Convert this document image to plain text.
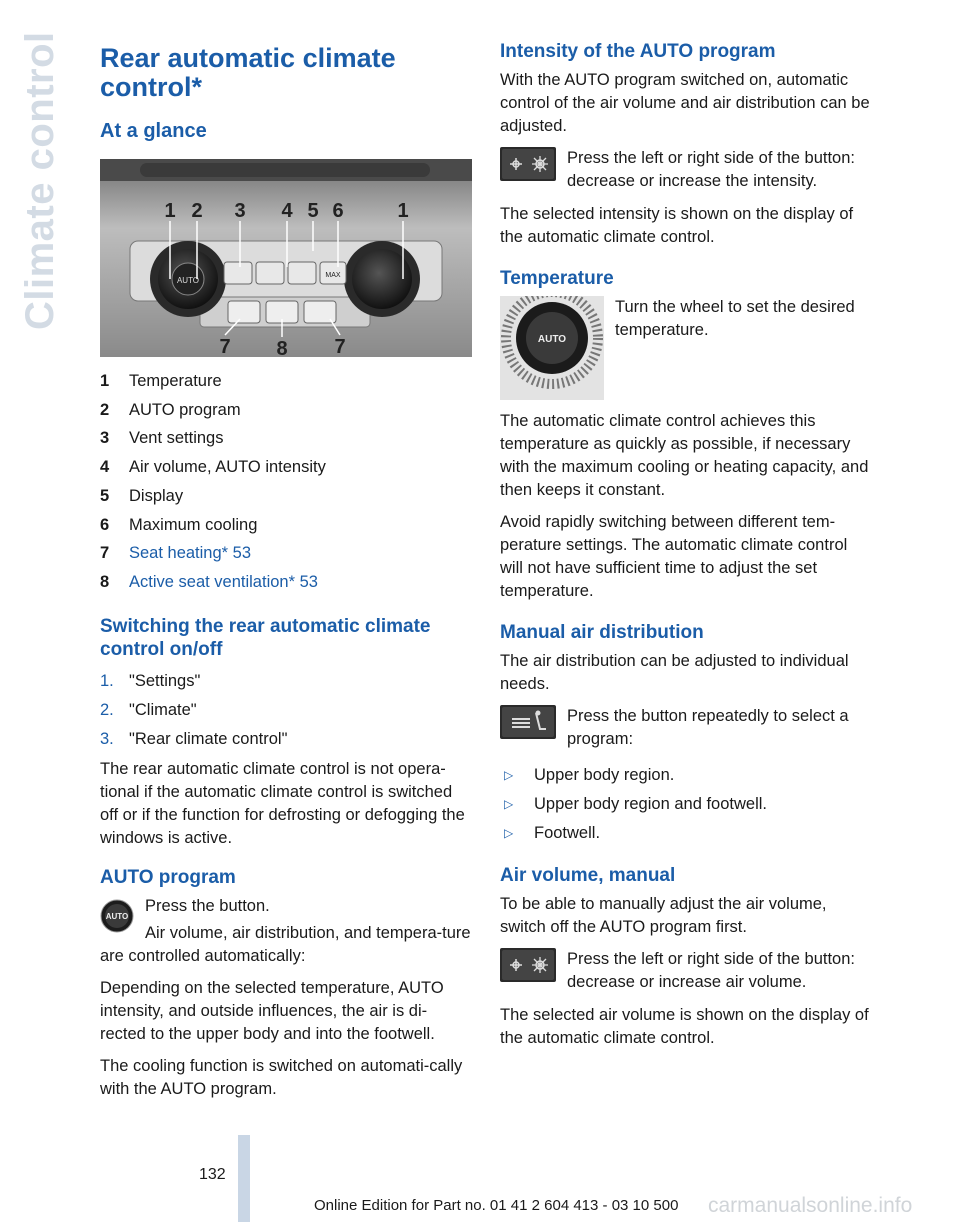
Climate control Rear automatic climate control*
At a glance
AUTO
MAX
1 2 3 4 5 6	1
7 8 7
1	Temperature
2	AUTO program
3	Vent settings
4	Air volume, AUTO intensity
5	Display
6	Maximum cooling
7	Seat heating* 53
8	Active seat ventilation* 53
Switching the rear automatic climate control on/off
1. "Settings"
2. "Climate"
3. "Rear climate control"

The rear automatic climate control is not opera-tional if the automatic climate control is switched off or if the function for defrosting or defogging the windows is active.

AUTO program
AUTO

Press the button.

Air volume, air distribution, and tempera-ture are controlled automatically:

Depending on the selected temperature, AUTO intensity, and outside influences, the air is di-rected to the upper body and into the footwell.

The cooling function is switched on automati-cally with the AUTO program.

Intensity of the AUTO program

With the AUTO program switched on, automatic control of the air volume and air distribution can be adjusted.

Press the left or right side of the button: decrease or increase the intensity.

The selected intensity is shown on the display of the automatic climate control.

Temperature
AUTO

Turn the wheel to set the desired temperature.

The automatic climate control achieves this temperature as quickly as possible, if necessary with the maximum cooling or heating capacity, and then keeps it constant.

Avoid rapidly switching between different tem-perature settings. The automatic climate control will not have sufficient time to adjust the set temperature.

Manual air distribution

The air distribution can be adjusted to individual needs.

Press the button repeatedly to select a program:

▷	Upper body region.
▷	Upper body region and footwell.
▷	Footwell.
Air volume, manual

To be able to manually adjust the air volume, switch off the AUTO program first.

Press the left or right side of the button: decrease or increase air volume.

The selected air volume is shown on the display of the automatic climate control.

132
Online Edition for Part no. 01 41 2 604 413 - 03 10 500 carmanualsonline.info
